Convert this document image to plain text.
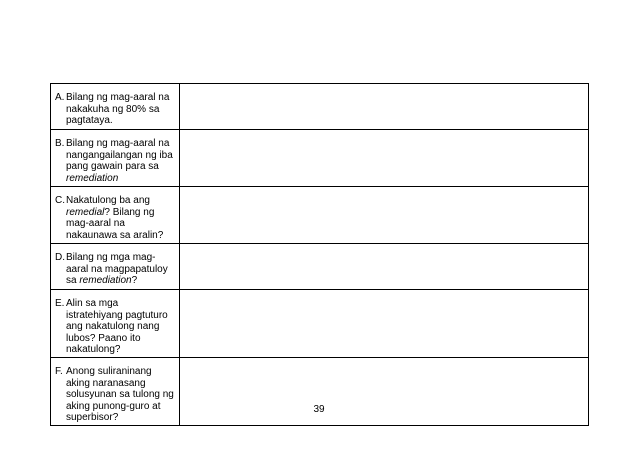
A. Bilang ng mag-aaral na nakakuha ng 80% sa pagtataya.	

B. Bilang ng mag-aaral na nangangailangan ng iba pang gawain para sa remediation	

C. Nakatulong ba ang remedial? Bilang ng mag-aaral na nakaunawa sa aralin?	

D. Bilang ng mga mag-aaral na magpapatuloy sa remediation?	

E. Alin sa mga istratehiyang pagtuturo ang nakatulong nang lubos? Paano ito nakatulong?	

F. Anong suliraninang aking naranasang solusyunan sa tulong ng aking punong-guro at superbisor?	

39
